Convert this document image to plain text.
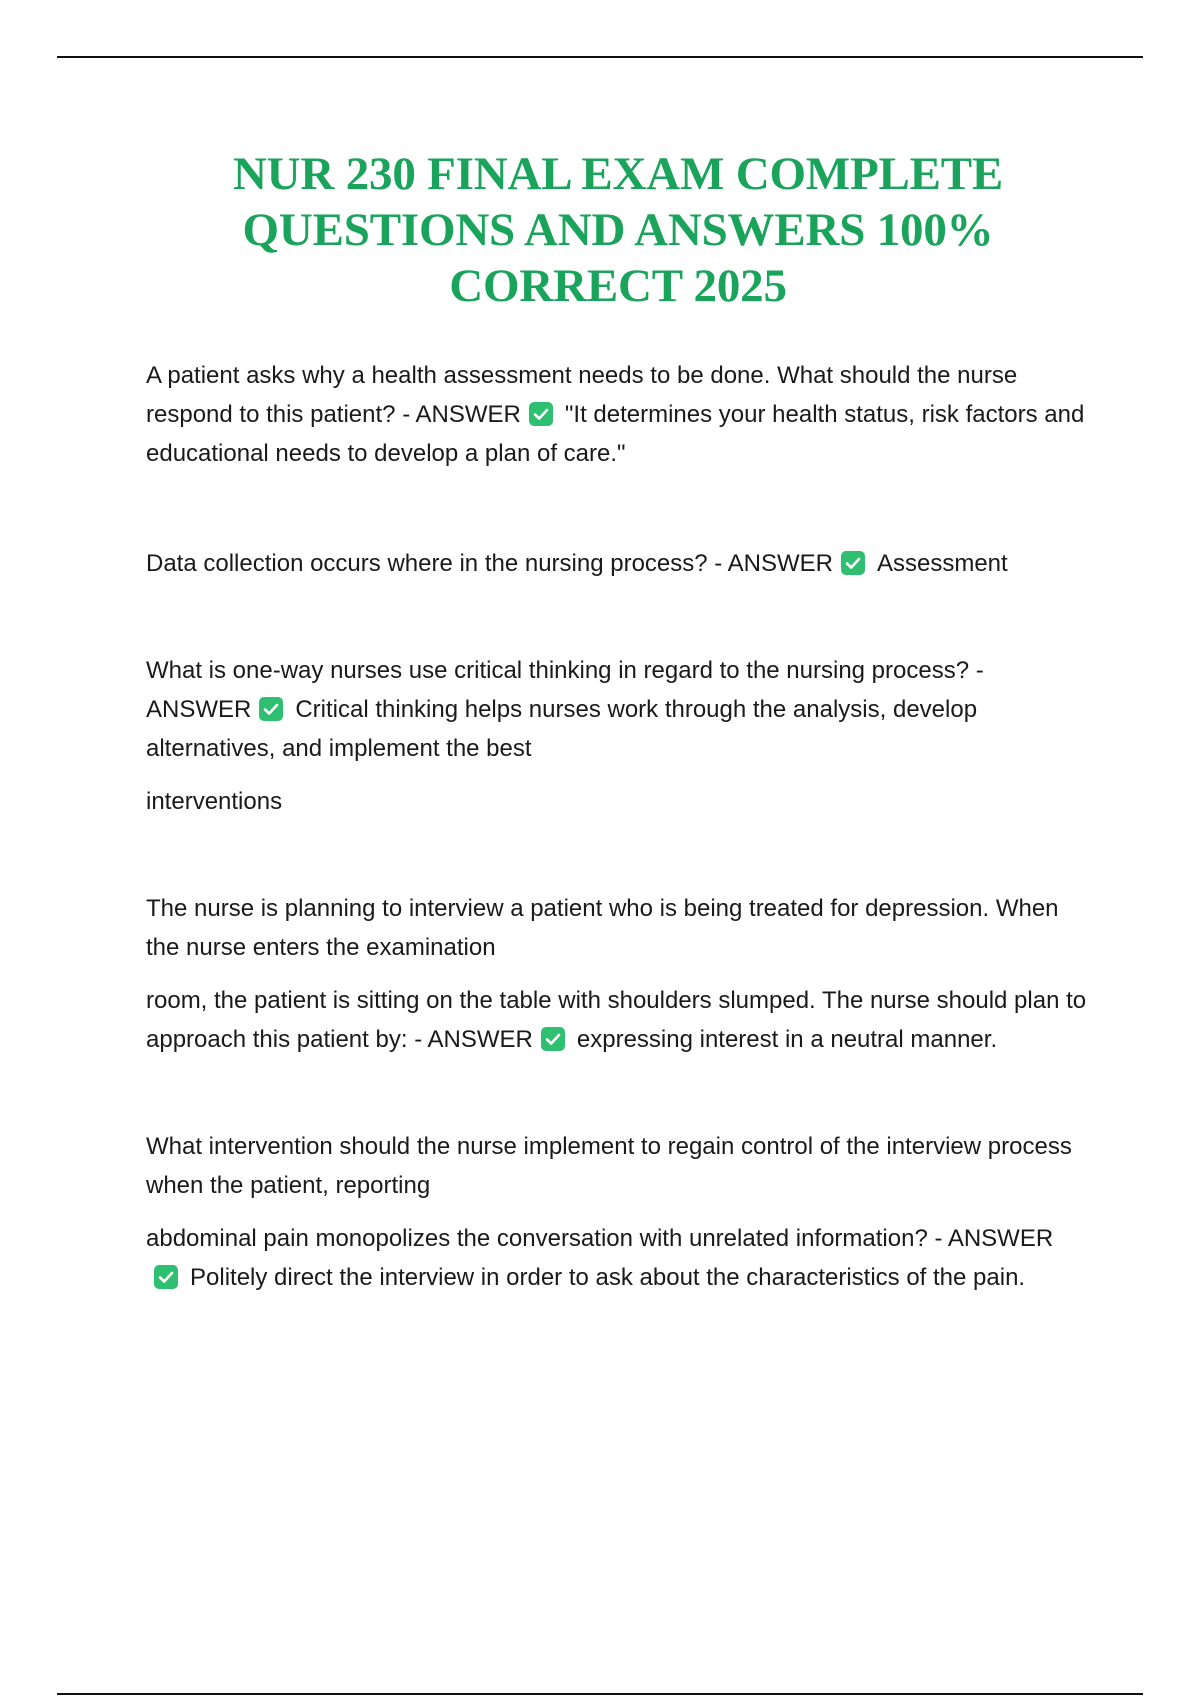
NUR 230 FINAL EXAM COMPLETE
QUESTIONS AND ANSWERS 100%
CORRECT 2025

A patient asks why a health assessment needs to be done. What should the nurse respond to this patient? - ANSWER "It determines your health status, risk factors and educational needs to develop a plan of care."

Data collection occurs where in the nursing process? - ANSWER Assessment

What is one-way nurses use critical thinking in regard to the nursing process? - ANSWER Critical thinking helps nurses work through the analysis, develop alternatives, and implement the best

interventions

The nurse is planning to interview a patient who is being treated for depression. When the nurse enters the examination

room, the patient is sitting on the table with shoulders slumped. The nurse should plan to approach this patient by: - ANSWER expressing interest in a neutral manner.

What intervention should the nurse implement to regain control of the interview process when the patient, reporting

abdominal pain monopolizes the conversation with unrelated information? - ANSWER
Politely direct the interview in order to ask about the characteristics of the pain.
